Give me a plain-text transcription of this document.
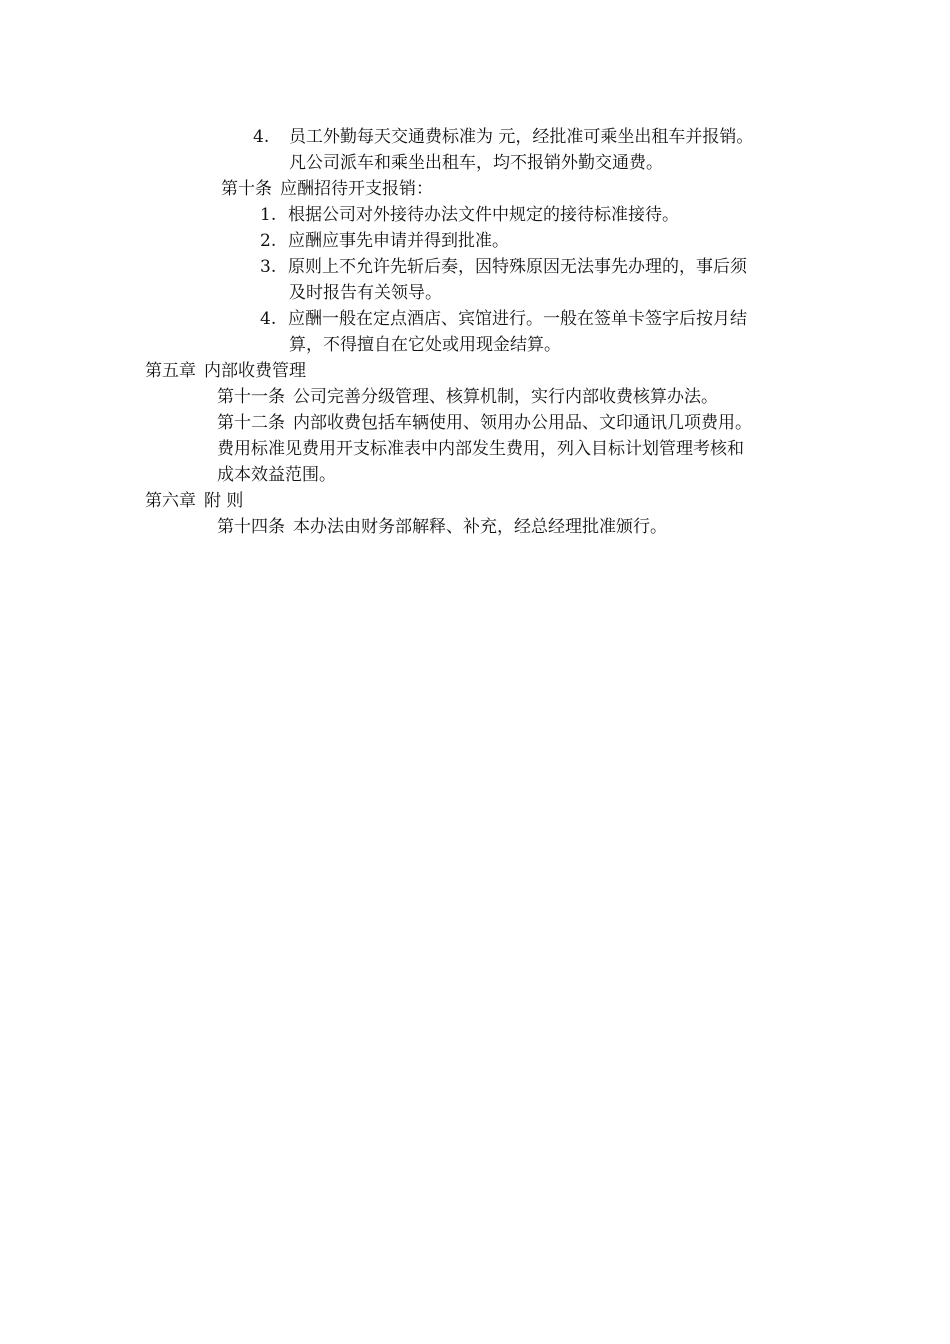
4. 员工外勤每天交通费标准为 元，经批准可乘坐出租车并报销。
凡公司派车和乘坐出租车，均不报销外勤交通费。
第十条 应酬招待开支报销：
1. 根据公司对外接待办法文件中规定的接待标准接待。
2. 应酬应事先申请并得到批准。
3. 原则上不允许先斩后奏，因特殊原因无法事先办理的，事后须
及时报告有关领导。
4. 应酬一般在定点酒店、宾馆进行。一般在签单卡签字后按月结
算，不得擅自在它处或用现金结算。
第五章 内部收费管理
第十一条 公司完善分级管理、核算机制，实行内部收费核算办法。
第十二条 内部收费包括车辆使用、领用办公用品、文印通讯几项费用。
费用标准见费用开支标准表中内部发生费用，列入目标计划管理考核和
成本效益范围。
第六章 附 则
第十四条 本办法由财务部解释、补充，经总经理批准颁行。
